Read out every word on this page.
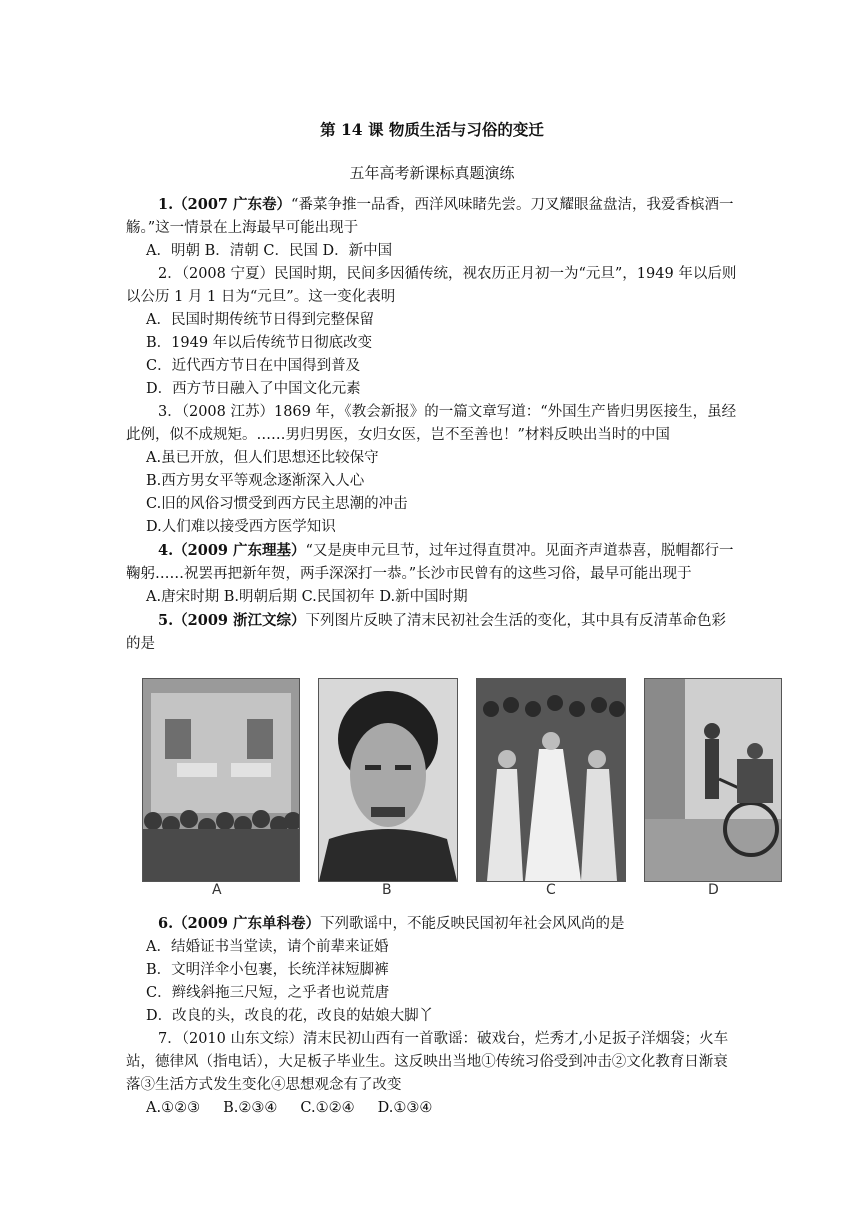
第 14 课 物质生活与习俗的变迁

五年高考新课标真题演练

1.（2007 广东卷）“番菜争推一品香，西洋风味睹先尝。刀叉耀眼盆盘洁，我爱香槟酒一觞。”这一情景在上海最早可能出现于

A．明朝 B．清朝 C．民国 D．新中国

2．（2008 宁夏）民国时期，民间多因循传统，视农历正月初一为“元旦”，1949 年以后则以公历 1 月 1 日为“元旦”。这一变化表明

A．民国时期传统节日得到完整保留

B．1949 年以后传统节日彻底改变

C．近代西方节日在中国得到普及

D．西方节日融入了中国文化元素

3．（2008 江苏）1869 年，《教会新报》的一篇文章写道：“外国生产皆归男医接生，虽经此例，似不成规矩。……男归男医，女归女医，岂不至善也！”材料反映出当时的中国

A.虽已开放，但人们思想还比较保守

B.西方男女平等观念逐渐深入人心

C.旧的风俗习惯受到西方民主思潮的冲击

D.人们难以接受西方医学知识

4.（2009 广东理基）“又是庚申元旦节，过年过得直贯冲。见面齐声道恭喜，脱帽都行一鞠躬……祝罢再把新年贺，两手深深打一恭。”长沙市民曾有的这些习俗，最早可能出现于

A.唐宋时期 B.明朝后期 C.民国初年 D.新中国时期

5.（2009 浙江文综）下列图片反映了清末民初社会生活的变化，其中具有反清革命色彩的是

A	B	C	D

6.（2009 广东单科卷）下列歌谣中，不能反映民国初年社会风风尚的是

A．结婚证书当堂读，请个前辈来证婚

B．文明洋伞小包裹，长统洋袜短脚裤

C．辫线斜拖三尺短，之乎者也说荒唐

D．改良的头，改良的花，改良的姑娘大脚丫

7．（2010 山东文综）清末民初山西有一首歌谣：破戏台，烂秀才,小足扳子洋烟袋；火车站，德律风（指电话），大足板子毕业生。这反映出当地①传统习俗受到冲击②文化教育日渐衰落③生活方式发生变化④思想观念有了改变

A.①②③     B.②③④     C.①②④     D.①③④
